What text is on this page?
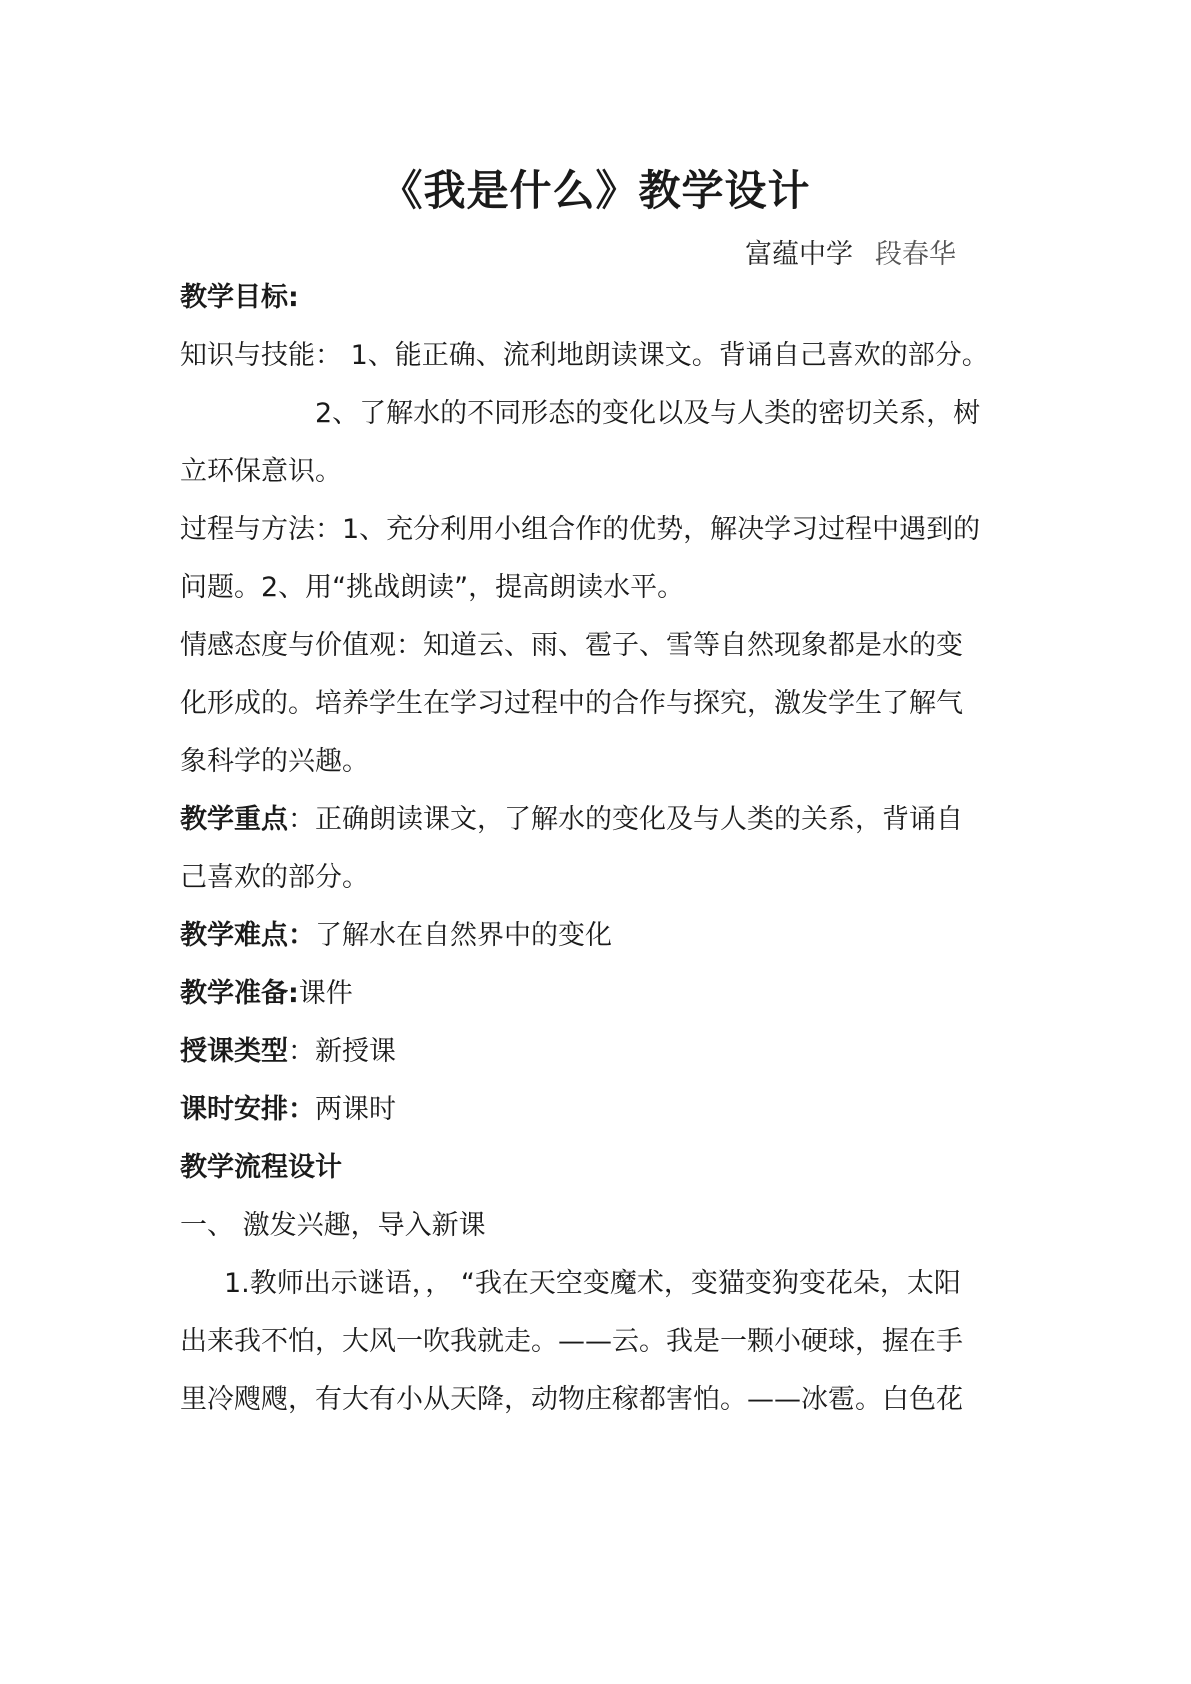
《我是什么》教学设计
富蕴中学 段春华
教学目标:
知识与技能： 1、能正确、流利地朗读课文。背诵自己喜欢的部分。
2、了解水的不同形态的变化以及与人类的密切关系，树
立环保意识。
过程与方法：1、充分利用小组合作的优势，解决学习过程中遇到的
问题。2、用“挑战朗读”，提高朗读水平。
情感态度与价值观：知道云、雨、雹子、雪等自然现象都是水的变
化形成的。培养学生在学习过程中的合作与探究，激发学生了解气
象科学的兴趣。
教学重点：正确朗读课文，了解水的变化及与人类的关系，背诵自
己喜欢的部分。
教学难点：了解水在自然界中的变化
教学准备:课件
授课类型：新授课
课时安排：两课时
教学流程设计
一、 激发兴趣，导入新课
1.教师出示谜语，， “我在天空变魔术，变猫变狗变花朵，太阳
出来我不怕，大风一吹我就走。——云。我是一颗小硬球，握在手
里冷飕飕，有大有小从天降，动物庄稼都害怕。——冰雹。白色花
